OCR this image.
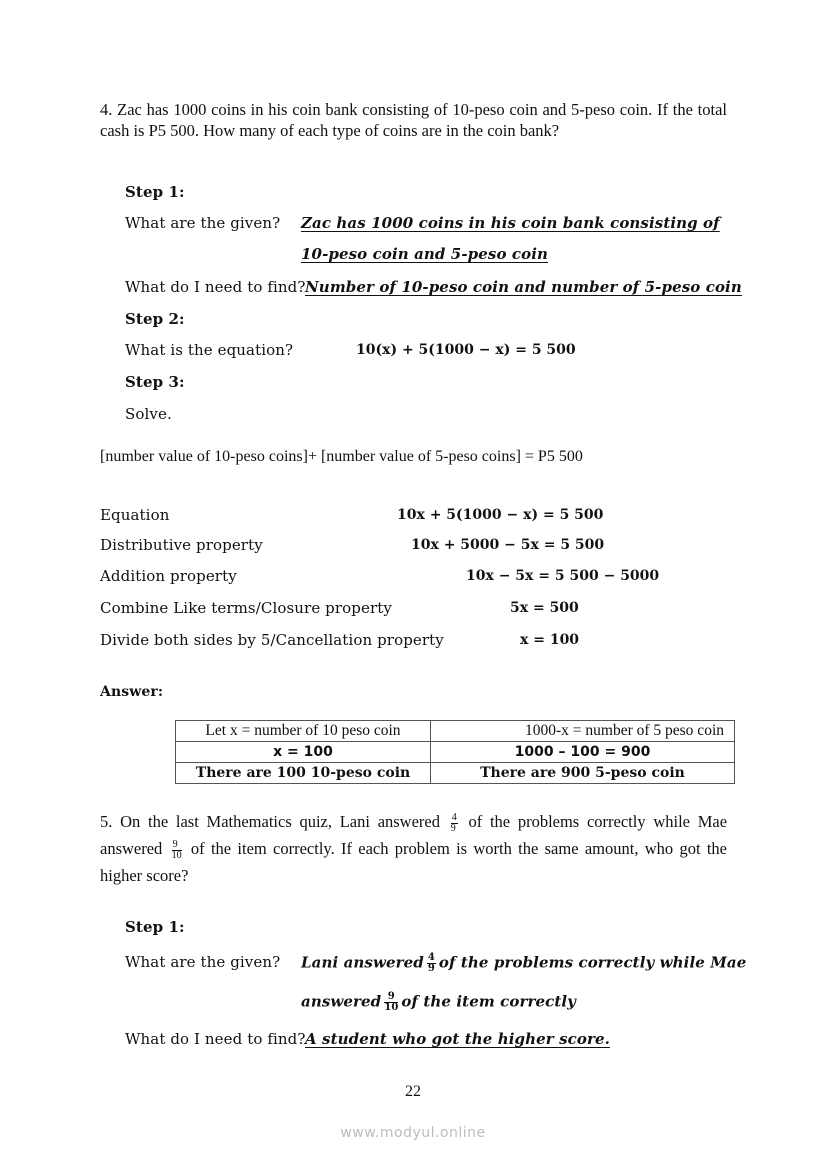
4. Zac has 1000 coins in his coin bank consisting of 10-peso coin and 5-peso coin. If the total cash is P5 500. How many of each type of coins are in the coin bank?
Step 1:
What are the given? Zac has 1000 coins in his coin bank consisting of
10-peso coin and 5-peso coin
What do I need to find? Number of 10-peso coin and number of 5-peso coin
Step 2:
What is the equation?	10(x) + 5(1000 − x) = 5 500
Step 3:
Solve.
[number value of 10-peso coins]+ [number value of 5-peso coins] = P5 500
Equation	10x + 5(1000 − x) = 5 500
Distributive property	10x + 5000 − 5x = 5 500
Addition property	10x − 5x = 5 500 − 5000
Combine Like terms/Closure property	5x = 500
Divide both sides by 5/Cancellation property	x = 100
Answer:
Let x = number of 10 peso coin	1000-x = number of 5 peso coin
x = 100	1000 – 100 = 900
There are 100 10-peso coin	There are 900 5-peso coin
5. On the last Mathematics quiz, Lani answered $\frac{4}{9}$ of the problems correctly while Mae answered $\frac{9}{10}$ of the item correctly. If each problem is worth the same amount, who got the higher score?
Step 1:
What are the given? Lani answered $\frac{4}{9}$ of the problems correctly while Mae
answered $\frac{9}{10}$ of the item correctly
What do I need to find? A student who got the higher score.
22
www.modyul.online
